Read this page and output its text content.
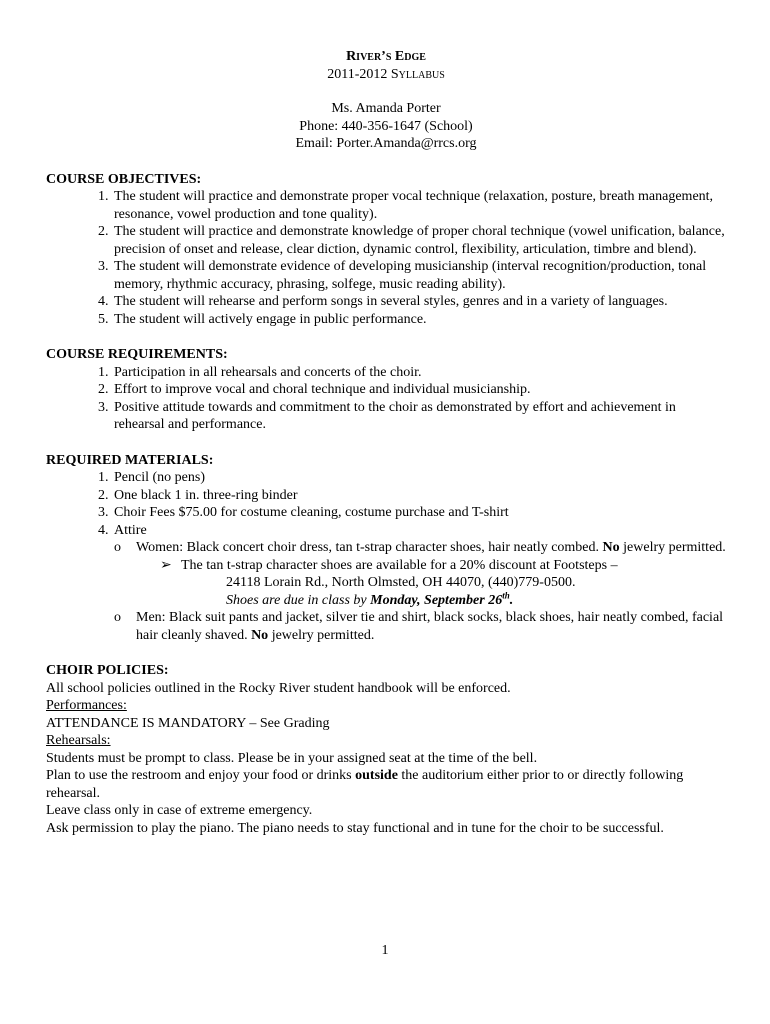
River’s Edge
2011-2012 Syllabus
Ms. Amanda Porter
Phone: 440-356-1647 (School)
Email: Porter.Amanda@rrcs.org
COURSE OBJECTIVES:
1. The student will practice and demonstrate proper vocal technique (relaxation, posture, breath management, resonance, vowel production and tone quality).
2. The student will practice and demonstrate knowledge of proper choral technique (vowel unification, balance, precision of onset and release, clear diction, dynamic control, flexibility, articulation, timbre and blend).
3. The student will demonstrate evidence of developing musicianship (interval recognition/production, tonal memory, rhythmic accuracy, phrasing, solfege, music reading ability).
4. The student will rehearse and perform songs in several styles, genres and in a variety of languages.
5. The student will actively engage in public performance.
COURSE REQUIREMENTS:
1. Participation in all rehearsals and concerts of the choir.
2. Effort to improve vocal and choral technique and individual musicianship.
3. Positive attitude towards and commitment to the choir as demonstrated by effort and achievement in rehearsal and performance.
REQUIRED MATERIALS:
1. Pencil (no pens)
2. One black 1 in. three-ring binder
3. Choir Fees $75.00 for costume cleaning, costume purchase and T-shirt
4. Attire
o Women: Black concert choir dress, tan t-strap character shoes, hair neatly combed. No jewelry permitted.
➢ The tan t-strap character shoes are available for a 20% discount at Footsteps –
24118 Lorain Rd., North Olmsted, OH 44070, (440)779-0500.
Shoes are due in class by Monday, September 26th.
o Men: Black suit pants and jacket, silver tie and shirt, black socks, black shoes, hair neatly combed, facial hair cleanly shaved. No jewelry permitted.
CHOIR POLICIES:
All school policies outlined in the Rocky River student handbook will be enforced.
Performances:
ATTENDANCE IS MANDATORY – See Grading
Rehearsals:
Students must be prompt to class. Please be in your assigned seat at the time of the bell.
Plan to use the restroom and enjoy your food or drinks outside the auditorium either prior to or directly following rehearsal.
Leave class only in case of extreme emergency.
Ask permission to play the piano. The piano needs to stay functional and in tune for the choir to be successful.
1
